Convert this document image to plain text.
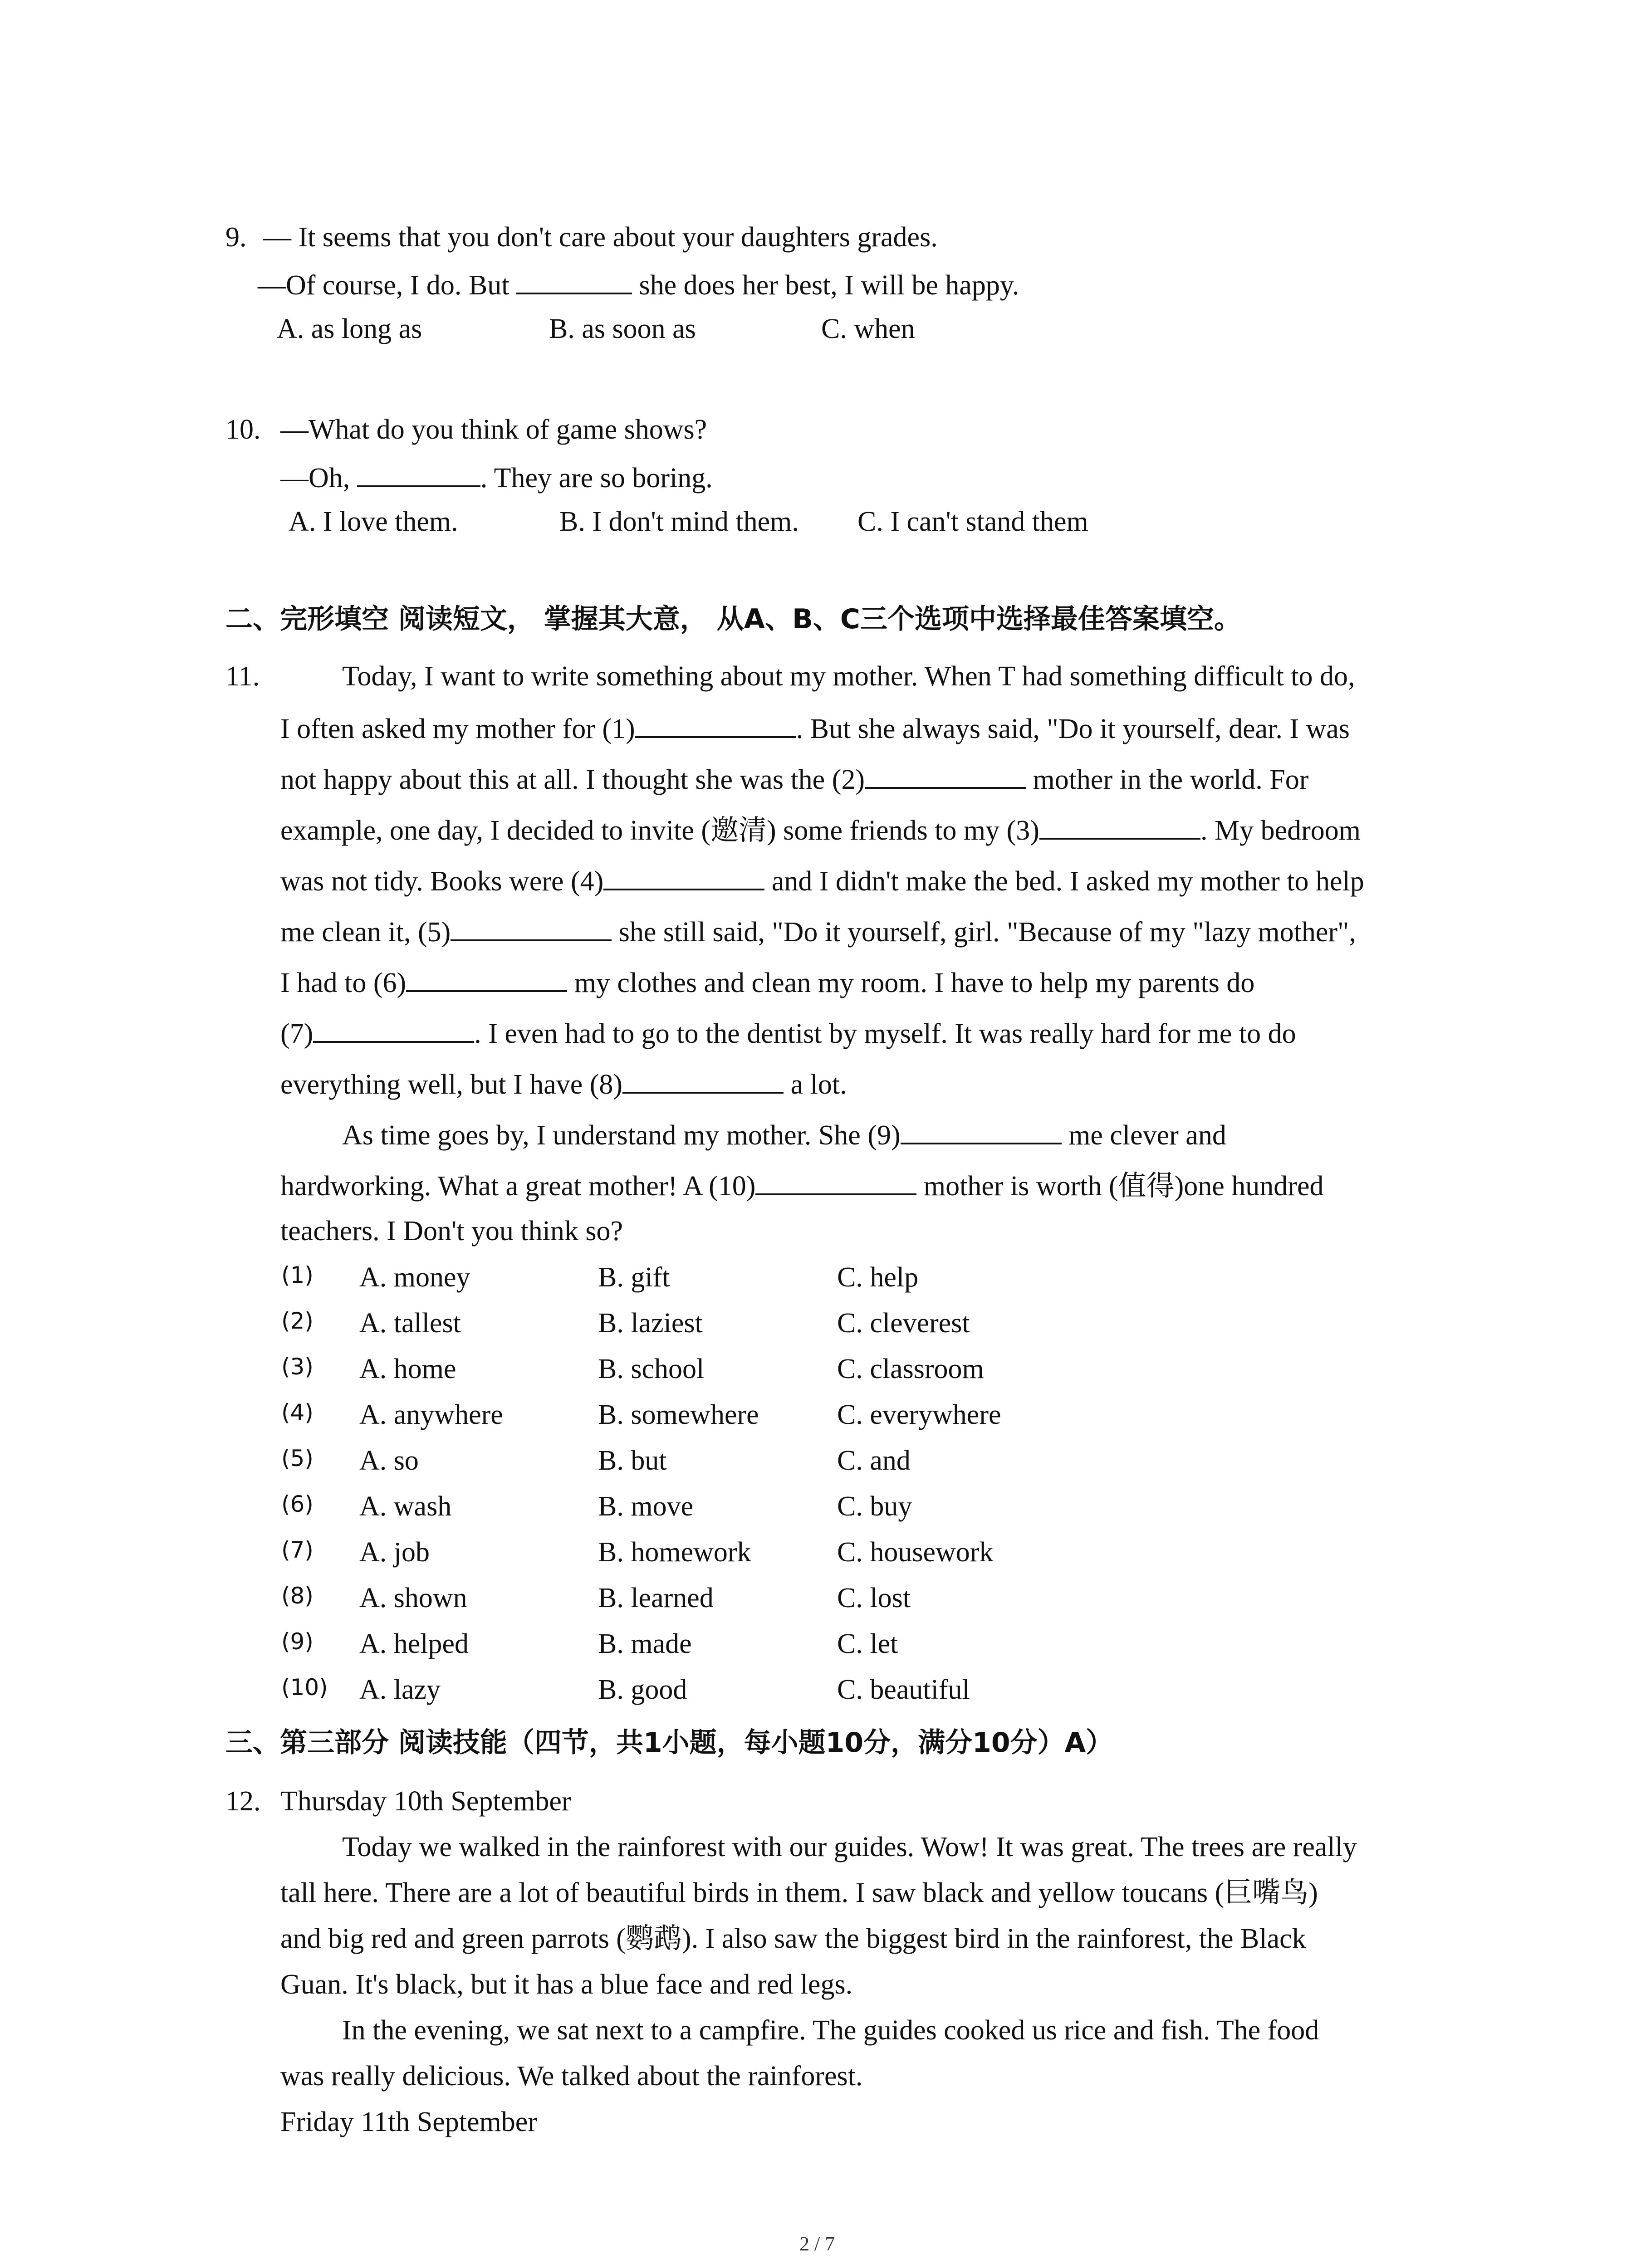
9. — It seems that you don't care about your daughters grades.
—Of course, I do. But	she does her best, I will be happy.
A. as long as	B. as soon as	C. when
10. —What do you think of game shows?
—Oh,	. They are so boring.
A. I love them.	B. I don't mind them. C. I can't stand them
二、完形填空 阅读短文， 掌握其大意， 从A、B、C三个选项中选择最佳答案填空。
11.	Today, I want to write something about my mother. When T had something difficult to do,
I often asked my mother for (1)	. But she always said, "Do it yourself, dear. I was
not happy about this at all. I thought she was the (2)	mother in the world. For
example, one day, I decided to invite (邀清) some friends to my (3)	. My bedroom
was not tidy. Books were (4)	and I didn't make the bed. I asked my mother to help
me clean it, (5)	she still said, "Do it yourself, girl. "Because of my "lazy mother",
I had to (6)	my clothes and clean my room. I have to help my parents do
(7)	. I even had to go to the dentist by myself. It was really hard for me to do
everything well, but I have (8)	a lot.
As time goes by, I understand my mother. She (9)	me clever and
hardworking. What a great mother! A (10)	mother is worth (值得)one hundred
teachers. I Don't you think so?
(1) A. money	B. gift	C. help
(2) A. tallest	B. laziest	C. cleverest
(3) A. home	B. school	C. classroom
(4) A. anywhere	B. somewhere	C. everywhere
(5) A. so	B. but	C. and
(6) A. wash	B. move	C. buy
(7) A. job	B. homework	C. housework
(8) A. shown	B. learned	C. lost
(9) A. helped	B. made	C. let
(10) A. lazy	B. good	C. beautiful
三、第三部分 阅读技能（四节，共1小题，每小题10分，满分10分）A）
12. Thursday 10th September
Today we walked in the rainforest with our guides. Wow! It was great. The trees are really
tall here. There are a lot of beautiful birds in them. I saw black and yellow toucans (巨嘴鸟)
and big red and green parrots (鹦鹉). I also saw the biggest bird in the rainforest, the Black
Guan. It's black, but it has a blue face and red legs.
In the evening, we sat next to a campfire. The guides cooked us rice and fish. The food
was really delicious. We talked about the rainforest.
Friday 11th September
2 / 7
